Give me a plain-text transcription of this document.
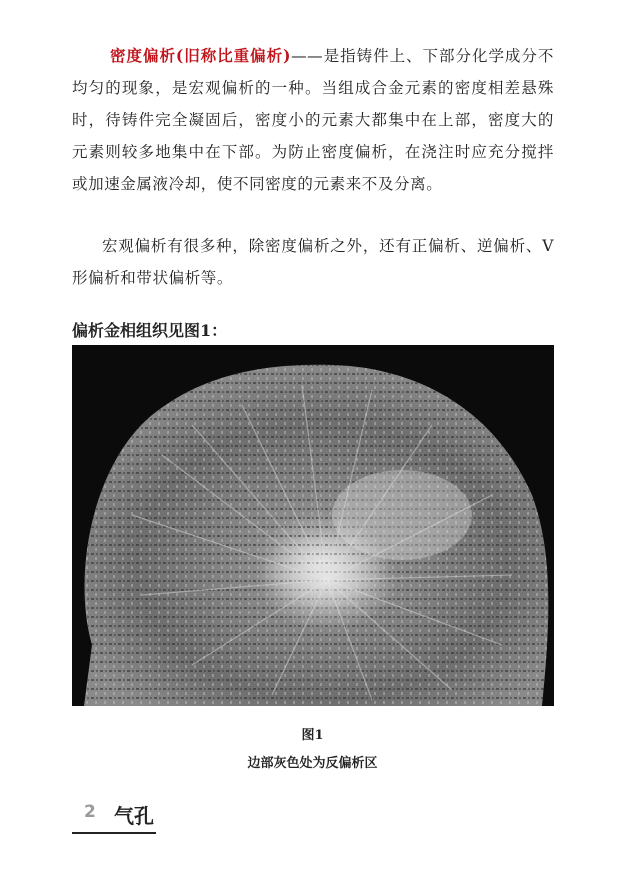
密度偏析(旧称比重偏析)——是指铸件上、下部分化学成分不均匀的现象，是宏观偏析的一种。当组成合金元素的密度相差悬殊时，待铸件完全凝固后，密度小的元素大都集中在上部，密度大的元素则较多地集中在下部。为防止密度偏析，在浇注时应充分搅拌或加速金属液冷却，使不同密度的元素来不及分离。

宏观偏析有很多种，除密度偏析之外，还有正偏析、逆偏析、V形偏析和带状偏析等。

偏析金相组织见图1：

图1

边部灰色处为反偏析区

2 气孔
